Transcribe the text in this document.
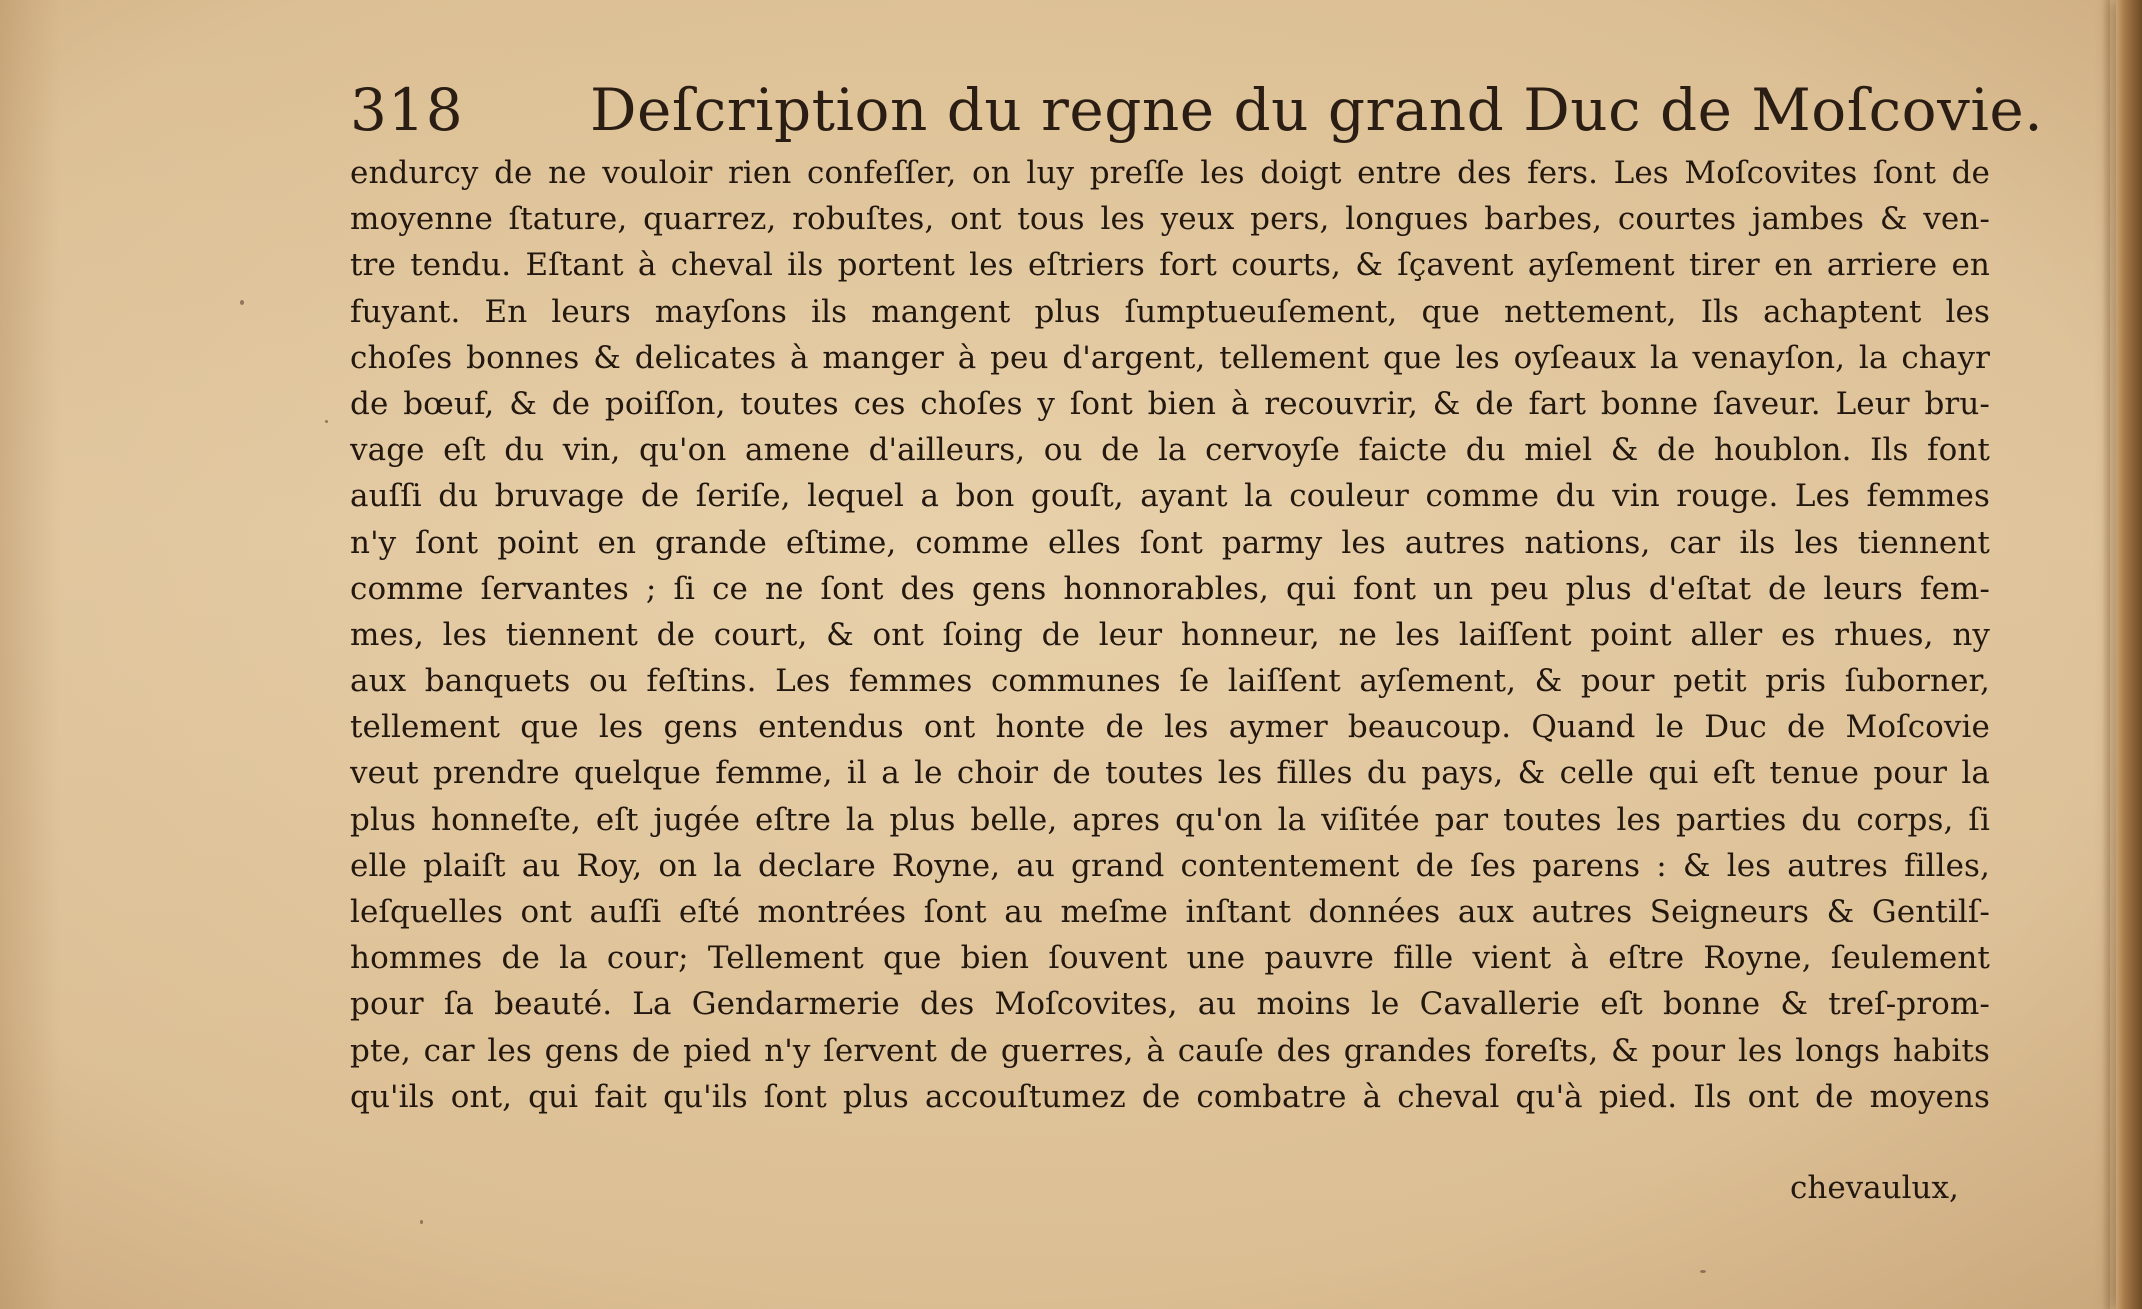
318 Deſcription du regne du grand Duc de Moſcovie.
endurcy de ne vouloir rien confeſſer, on luy preſſe les doigt entre des fers. Les Moſcovites ſont de
moyenne ſtature, quarrez, robuſtes, ont tous les yeux pers, longues barbes, courtes jambes & ven-
tre tendu. Eſtant à cheval ils portent les eſtriers fort courts, & ſçavent ayſement tirer en arriere en
fuyant. En leurs mayſons ils mangent plus ſumptueuſement, que nettement, Ils achaptent les
choſes bonnes & delicates à manger à peu d'argent, tellement que les oyſeaux la venayſon, la chayr
de bœuf, & de poiſſon, toutes ces choſes y ſont bien à recouvrir, & de fart bonne ſaveur. Leur bru-
vage eſt du vin, qu'on amene d'ailleurs, ou de la cervoyſe faicte du miel & de houblon. Ils font
auſſi du bruvage de ſeriſe, lequel a bon gouſt, ayant la couleur comme du vin rouge. Les femmes
n'y ſont point en grande eſtime, comme elles ſont parmy les autres nations, car ils les tiennent
comme ſervantes ; ſi ce ne ſont des gens honnorables, qui font un peu plus d'eſtat de leurs fem-
mes, les tiennent de court, & ont ſoing de leur honneur, ne les laiſſent point aller es rhues, ny
aux banquets ou feſtins. Les femmes communes ſe laiſſent ayſement, & pour petit pris ſuborner,
tellement que les gens entendus ont honte de les aymer beaucoup. Quand le Duc de Moſcovie
veut prendre quelque femme, il a le choir de toutes les filles du pays, & celle qui eſt tenue pour la
plus honneſte, eſt jugée eſtre la plus belle, apres qu'on la viſitée par toutes les parties du corps, ſi
elle plaiſt au Roy, on la declare Royne, au grand contentement de ſes parens : & les autres filles,
leſquelles ont auſſi eſté montrées ſont au meſme inſtant données aux autres Seigneurs & Gentilſ-
hommes de la cour; Tellement que bien ſouvent une pauvre fille vient à eſtre Royne, ſeulement
pour ſa beauté. La Gendarmerie des Moſcovites, au moins le Cavallerie eſt bonne & treſ-prom-
pte, car les gens de pied n'y ſervent de guerres, à cauſe des grandes foreſts, & pour les longs habits
qu'ils ont, qui fait qu'ils ſont plus accouſtumez de combatre à cheval qu'à pied. Ils ont de moyens
chevaulux,
